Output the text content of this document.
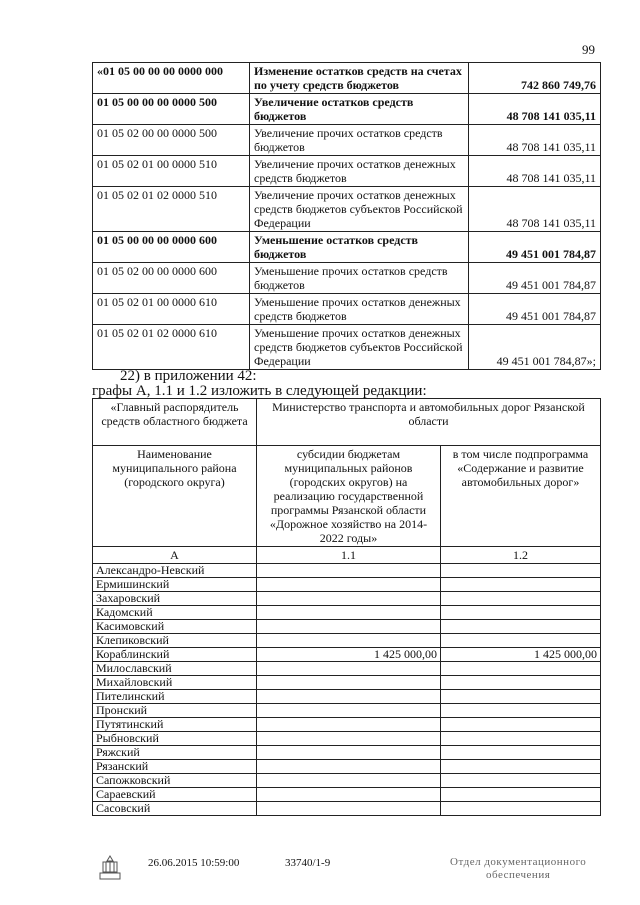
99
«01 05 00 00 00 0000 000	Изменение остатков средств на счетах по учету средств бюджетов	742 860 749,76
01 05 00 00 00 0000 500	Увеличение остатков средств бюджетов	48 708 141 035,11
01 05 02 00 00 0000 500	Увеличение прочих остатков средств бюджетов	48 708 141 035,11
01 05 02 01 00 0000 510	Увеличение прочих остатков денежных средств бюджетов	48 708 141 035,11
01 05 02 01 02 0000 510	Увеличение прочих остатков денежных средств бюджетов субъектов Российской Федерации	48 708 141 035,11
01 05 00 00 00 0000 600	Уменьшение остатков средств бюджетов	49 451 001 784,87
01 05 02 00 00 0000 600	Уменьшение прочих остатков средств бюджетов	49 451 001 784,87
01 05 02 01 00 0000 610	Уменьшение прочих остатков денежных средств бюджетов	49 451 001 784,87
01 05 02 01 02 0000 610	Уменьшение прочих остатков денежных средств бюджетов субъектов Российской Федерации	49 451 001 784,87»;
22) в приложении 42:
графы А, 1.1 и 1.2 изложить в следующей редакции:
«Главный распорядитель средств областного бюджета	Министерство транспорта и автомобильных дорог Рязанской области	
Наименование муниципального района (городского округа)	субсидии бюджетам муниципальных районов (городских округов) на реализацию государственной программы Рязанской области «Дорожное хозяйство на 2014-2022 годы»	в том числе подпрограмма «Содержание и развитие автомобильных дорог»
А	1.1	1.2
Александро-Невский		
Ермишинский		
Захаровский		
Кадомский		
Касимовский		
Клепиковский		
Кораблинский	1 425 000,00	1 425 000,00
Милославский		
Михайловский		
Пителинский		
Пронский		
Путятинский		
Рыбновский		
Ряжский		
Рязанский		
Сапожковский		
Сараевский		
Сасовский		
26.06.2015 10:59:00	33740/1-9	Отдел документационного
обеспечения
